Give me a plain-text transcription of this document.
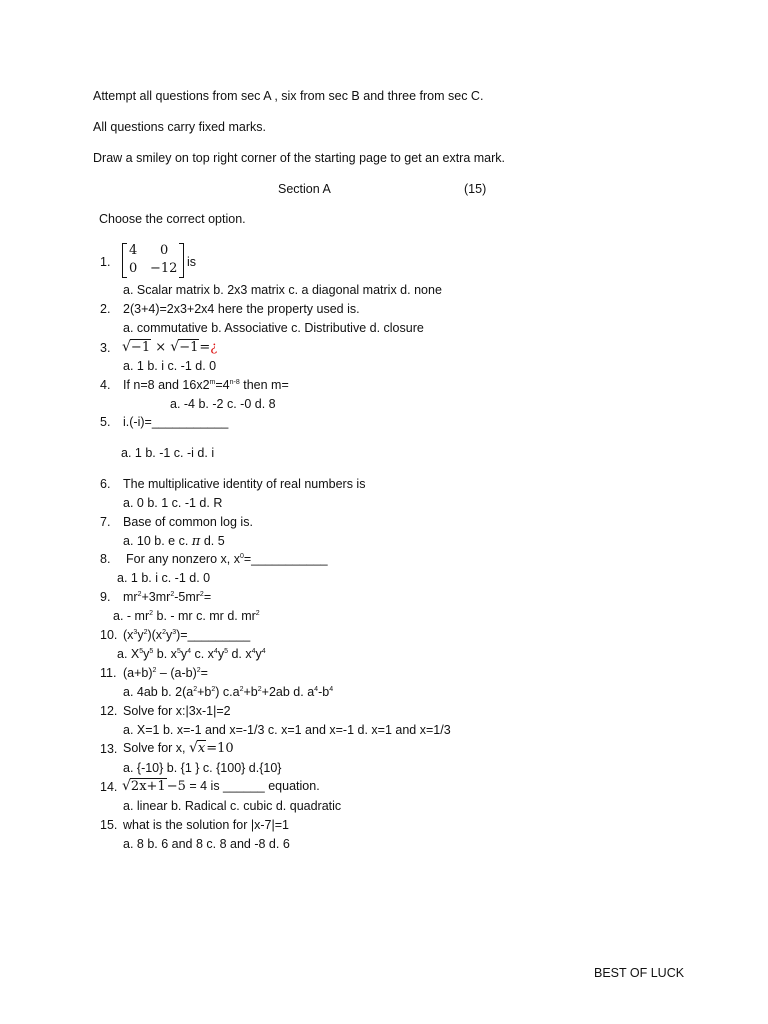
Attempt all questions from sec A , six from sec B and three from sec C.
All questions carry fixed marks.
Draw a smiley on top right corner of the starting page to get an extra mark.
Section A	(15)
Choose the correct option.
1.
4 0
0 −12 is
a. Scalar matrix b. 2x3 matrix c. a diagonal matrix d. none
2. 2(3+4)=2x3+2x4 here the property used is.
a. commutative b. Associative c. Distributive d. closure
3. √−1 × √−1=¿
a. 1 b. i c. -1 d. 0
4. If n=8 and $16x2^m=4^{n-8}$ then m=
a. -4 b. -2 c. -0 d. 8
5. i.(-i)=___________
a. 1 b. -1 c. -i d. i
6. The multiplicative identity of real numbers is
a. 0 b. 1 c. -1 d. R
7. Base of common log is.
a. 10 b. e c. π d. 5
8. For any nonzero x, $x^0=\_\_\_\_\_\_\_\_\_\_\_$
a. 1 b. i c. -1 d. 0
9. $mr^2+3mr^2-5mr^2=$
a. - $mr^2$ b. - mr c. mr d. $mr^2$
10. $(x^3y^2)(x^2y^3)=\_\_\_\_\_\_\_\_\_$
a. $X^5y^5$ b. $x^5y^4$ c. $x^4y^5$ d. $x^4y^4$
11. $(a+b)^2 - (a-b)^2=$
a. 4ab b. $2(a^2+b^2)$ $c.a^2+b^2+2ab$ d. $a^4-b^4$
12. Solve for x:|3x-1|=2
a. X=1 b. x=-1 and x=-1/3 c. x=1 and x=-1 d. x=1 and x=1/3
13. Solve for x, √x=10
a. {-10} b. {1 } c. {100} d.{10}
14. √2x+1−5 = 4 is ______ equation.
a. linear b. Radical c. cubic d. quadratic
15. what is the solution for |x-7|=1
a. 8 b. 6 and 8 c. 8 and -8 d. 6
BEST OF LUCK
